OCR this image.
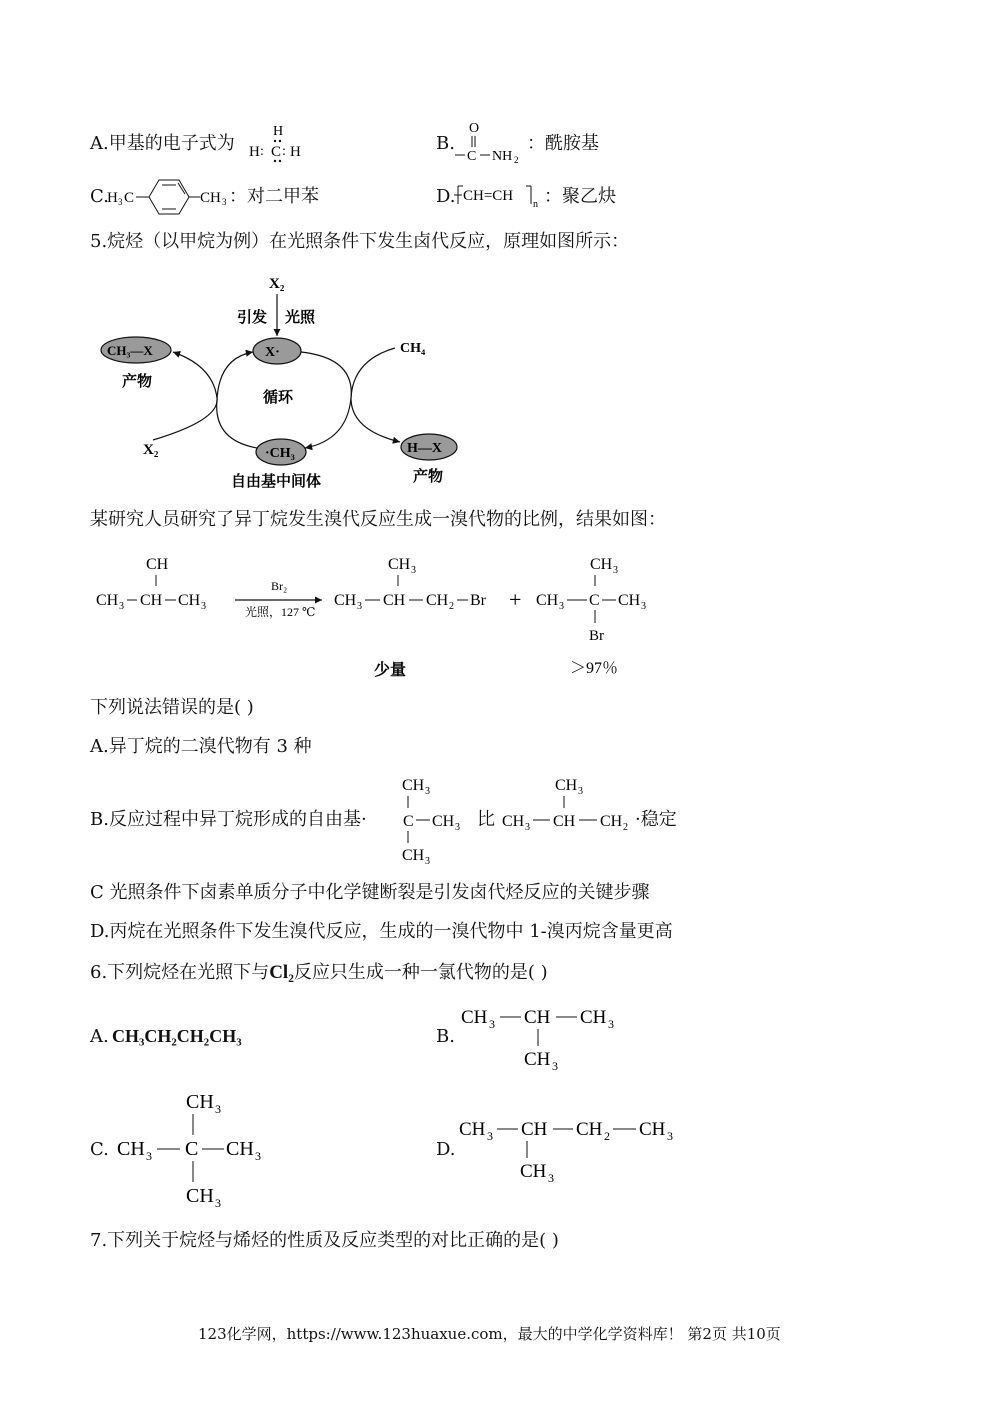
A.甲基的电子式为
H
H : C : H	B.
O
C NH 2
：酰胺基
C.
H 3 C	CH 3 ：对二甲苯	D. CH=CH
n ：聚乙炔
5.烷烃（以甲烷为例）在光照条件下发生卤代反应，原理如图所示：
X₂
引发 光照
X·
CH₃—X
产物
CH₄
循环
·CH₃
X₂
自由基中间体
H—X
产物
某研究人员研究了异丁烷发生溴代反应生成一溴代物的比例，结果如图：
CH
CH 3 CH CH 3
Br₂
光照，127 ℃
CH 3
CH 3 CH CH 2 Br +
CH 3
CH 3 C CH 3
Br
少量	＞97％
下列说法错误的是( )
A.异丁烷的二溴代物有 3 种
B.反应过程中异丁烷形成的自由基·
CH 3
C CH 3
CH 3
比
CH 3
CH 3 CH CH 2 ·稳定
C 光照条件下卤素单质分子中化学键断裂是引发卤代烃反应的关键步骤
D.丙烷在光照条件下发生溴代反应，生成的一溴代物中 1-溴丙烷含量更高
6.下列烷烃在光照下与Cl₂反应只生成一种一氯代物的是( )
A. CH₃CH₂CH₂CH₃	B.
CH 3 CH CH 3
CH 3
C.
CH 3
CH 3 C CH 3
CH 3
D.
CH 3 CH CH 2 CH 3
CH 3
7.下列关于烷烃与烯烃的性质及反应类型的对比正确的是( )
123化学网，https://www.123huaxue.com，最大的中学化学资料库！ 第2页 共10页
